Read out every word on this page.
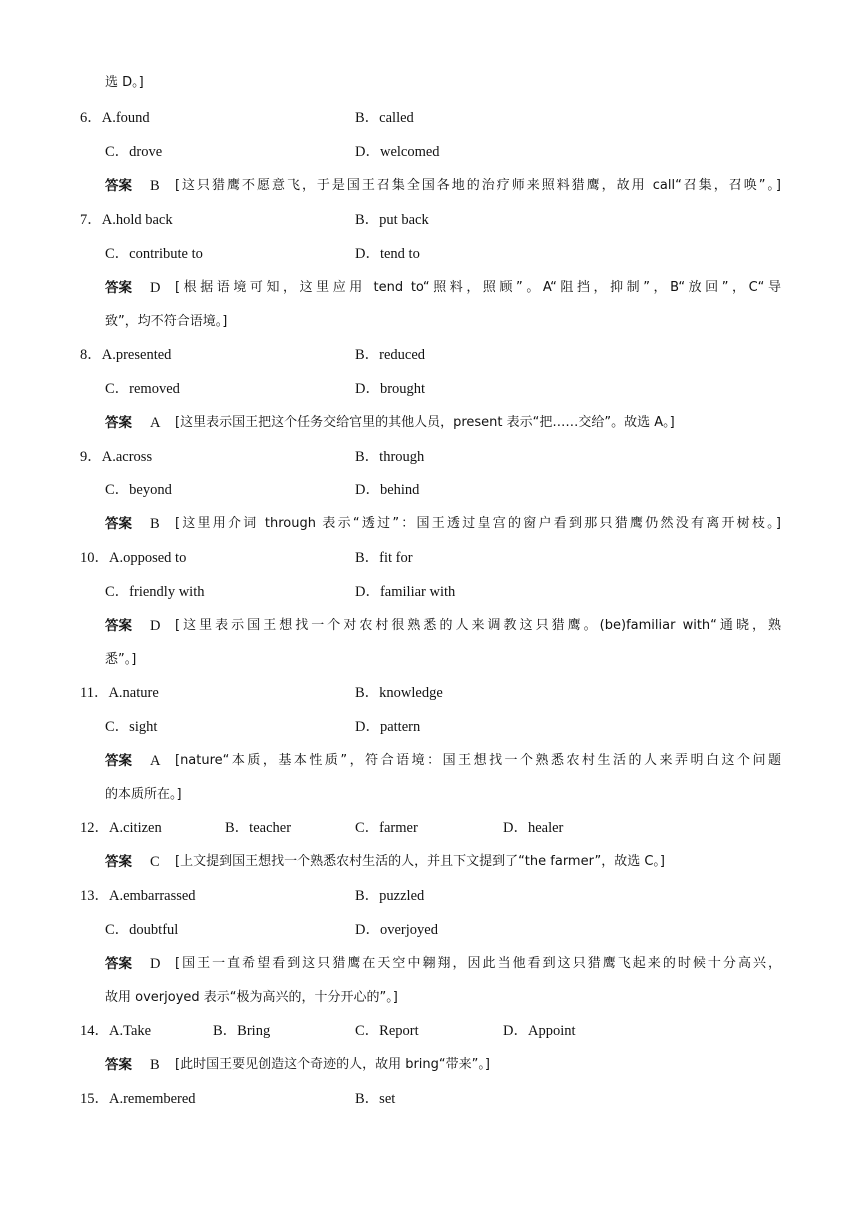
选 D。]
6．A.found	B．called
C．drove	D．welcomed
答案 B [这只猎鹰不愿意飞，于是国王召集全国各地的治疗师来照料猎鹰，故用 call“召集，召唤”。]
7．A.hold back	B．put back
C．contribute to	D．tend to
答案 D [根据语境可知，这里应用 tend to“照料，照顾”。A“阻挡，抑制”，B“放回”，C“导
致”，均不符合语境。]
8．A.presented	B．reduced
C．removed	D．brought
答案 A [这里表示国王把这个任务交给官里的其他人员，present 表示“把……交给”。故选 A。]
9．A.across	B．through
C．beyond	D．behind
答案 B [这里用介词 through 表示“透过”：国王透过皇宫的窗户看到那只猎鹰仍然没有离开树枝。]
10．A.opposed to	B．fit for
C．friendly with	D．familiar with
答案 D [这里表示国王想找一个对农村很熟悉的人来调教这只猎鹰。(be)familiar with“通晓，熟
悉”。]
11．A.nature	B．knowledge
C．sight	D．pattern
答案 A [nature“本质，基本性质”，符合语境：国王想找一个熟悉农村生活的人来弄明白这个问题
的本质所在。]
12．A.citizen	B．teacher	C．farmer	D．healer
答案 C [上文提到国王想找一个熟悉农村生活的人，并且下文提到了“the farmer”，故选 C。]
13．A.embarrassed	B．puzzled
C．doubtful	D．overjoyed
答案 D [国王一直希望看到这只猎鹰在天空中翱翔，因此当他看到这只猎鹰飞起来的时候十分高兴，
故用 overjoyed 表示“极为高兴的，十分开心的”。]
14．A.Take	B．Bring	C．Report	D．Appoint
答案 B [此时国王要见创造这个奇迹的人，故用 bring“带来”。]
15．A.remembered	B．set
